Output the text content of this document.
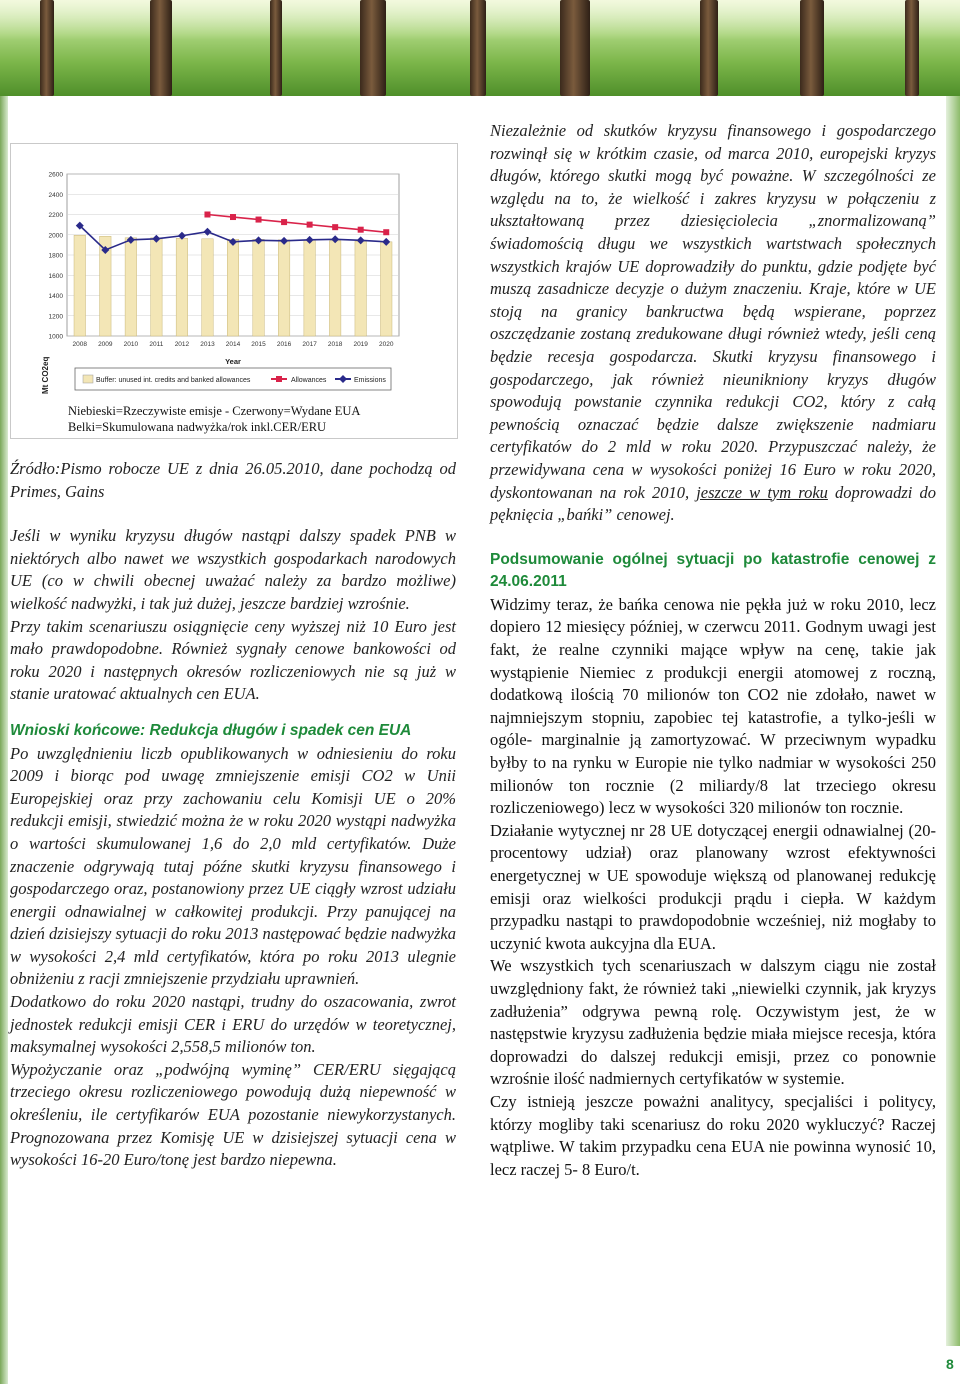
Mt CO2eq	Year
1000
1200
1400
1600
1800
2000
2200
2400
2600
2008 2009 2010 2011 2012 2013 2014 2015 2016 2017 2018 2019 2020
Buffer: unused int. credits and banked allowances	Allowances	Emissions
Niebieski=Rzeczywiste emisje - Czerwony=Wydane EUA
Belki=Skumulowana nadwyżka/rok inkl.CER/ERU

Źródło:Pismo robocze UE z dnia 26.05.2010, dane pochodzą od Primes, Gains

Jeśli w wyniku kryzysu długów nastąpi dalszy spadek PNB w niektórych albo nawet we wszystkich gospodarkach narodowych UE (co w chwili obecnej uważać należy za bardzo możliwe) wielkość nadwyżki, i tak już dużej, jeszcze bardziej wzrośnie.

Przy takim scenariuszu osiągnięcie ceny wyższej niż 10 Euro jest mało prawdopodobne. Również sygnały cenowe bankowości od roku 2020 i następnych okresów rozliczeniowych nie są już w stanie uratować aktualnych cen EUA.

Wnioski końcowe: Redukcja długów i spadek cen EUA

Po uwzględnieniu liczb opublikowanych w odniesieniu do roku 2009 i biorąc pod uwagę zmniejszenie emisji CO2 w Unii Europejskiej oraz przy zachowaniu celu Komisji UE o 20% redukcji emisji, stwiedzić można że w roku 2020 wystąpi nadwyżka o wartości skumulowanej 1,6 do 2,0 mld certyfikatów. Duże znaczenie odgrywają tutaj późne skutki kryzysu finansowego i gospodarczego oraz, postanowiony przez UE ciągły wzrost udziału energii odnawialnej w całkowitej produkcji. Przy panującej na dzień dzisiejszy sytuacji do roku 2013 następować będzie nadwyżka w wysokości 2,4 mld certyfikatów, która po roku 2013 ulegnie obniżeniu z racji zmniejszenie przydziału uprawnień.

Dodatkowo do roku 2020 nastąpi, trudny do oszacowania, zwrot jednostek redukcji emisji CER i ERU do urzędów w teoretycznej, maksymalnej wysokości 2,558,5 milionów ton.

Wypożyczanie oraz „podwójną wyminę” CER/ERU sięgającą trzeciego okresu rozliczeniowego powodują dużą niepewność w określeniu, ile certyfikarów EUA pozostanie niewykorzystanych. Prognozowana przez Komisję UE w dzisiejszej sytuacji cena w wysokości 16-20 Euro/tonę jest bardzo niepewna.

Niezależnie od skutków kryzysu finansowego i gospodarczego rozwinął się w krótkim czasie, od marca 2010, europejski kryzys długów, którego skutki mogą być poważne. W szczególności ze względu na to, że wielkość i zakres kryzysu w połączeniu z ukształtowaną przez dziesięciolecia „znormalizowaną” świadomością długu we wszystkich wartstwach społecznych wszystkich krajów UE doprowadziły do punktu, gdzie podjęte być muszą zasadnicze decyzje o dużym znaczeniu. Kraje, które w UE stoją na granicy bankructwa będą wspierane, poprzez oszczędzanie zostaną zredukowane długi również wtedy, jeśli ceną będzie recesja gospodarcza. Skutki kryzysu finansowego i gospodarczego, jak również nieunikniony kryzys długów spowodują powstanie czynnika redukcji CO2, który z całą pewnością oznaczać będzie dalsze zwiększenie nadmiaru certyfikatów do 2 mld w roku 2020. Przypuszczać należy, że przewidywana cena w wysokości poniżej 16 Euro w roku 2020, dyskontowanan na rok 2010, jeszcze w tym roku doprowadzi do pęknięcia „bańki” cenowej.

Podsumowanie ogólnej sytuacji po katastrofie cenowej z 24.06.2011

Widzimy teraz, że bańka cenowa nie pękła już w roku 2010, lecz dopiero 12 miesięcy później, w czerwcu 2011. Godnym uwagi jest fakt, że realne czynniki mające wpływ na cenę, takie jak wystąpienie Niemiec z produkcji energii atomowej z roczną, dodatkową ilością 70 milionów ton CO2 nie zdołało, nawet w najmniejszym stopniu, zapobiec tej katastrofie, a tylko-jeśli w ogóle- marginalnie ją zamortyzować. W przeciwnym wypadku byłby to na rynku w Europie nie tylko nadmiar w wysokości 250 milionów ton rocznie (2 miliardy/8 lat trzeciego okresu rozliczeniowego) lecz w wysokości 320 milionów ton rocznie.

Działanie wytycznej nr 28 UE dotyczącej energii odnawialnej (20- procentowy udział) oraz planowany wzrost efektywności energetycznej w UE spowoduje większą od planowanej redukcję emisji oraz wielkości produkcji prądu i ciepła. W każdym przypadku nastąpi to prawdopodobnie wcześniej, niż mogłaby to uczynić kwota aukcyjna dla EUA.

We wszystkich tych scenariuszach w dalszym ciągu nie został uwzględniony fakt, że również taki „niewielki czynnik, jak kryzys zadłużenia” odgrywa pewną rolę. Oczywistym jest, że w następstwie kryzysu zadłużenia będzie miała miejsce recesja, która doprowadzi do dalszej redukcji emisji, przez co ponownie wzrośnie ilość nadmiernych certyfikatów w systemie.

Czy istnieją jeszcze poważni analitycy, specjaliści i politycy, którzy mogliby taki scenariusz do roku 2020 wykluczyć? Raczej wątpliwe. W takim przypadku cena EUA nie powinna wynosić 10, lecz raczej 5- 8 Euro/t.

8
